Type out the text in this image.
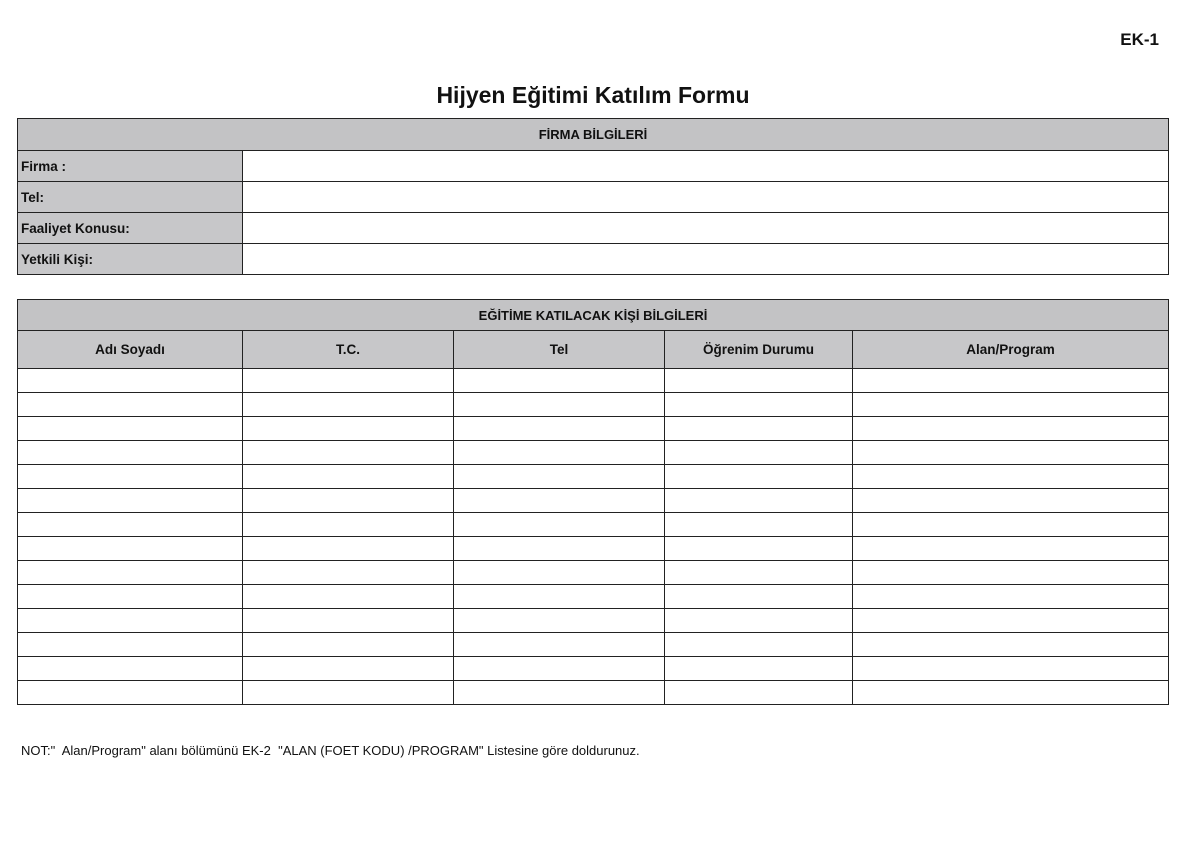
EK-1
Hijyen Eğitimi Katılım Formu
FİRMA BİLGİLERİ	
Firma :	
Tel:	
Faaliyet Konusu:	
Yetkili Kişi:	
EĞİTİME KATILACAK KİŞİ BİLGİLERİ				
Adı Soyadı	T.C.	Tel	Öğrenim Durumu	Alan/Program

NOT:"  Alan/Program" alanı bölümünü EK-2  "ALAN (FOET KODU) /PROGRAM" Listesine göre doldurunuz.
